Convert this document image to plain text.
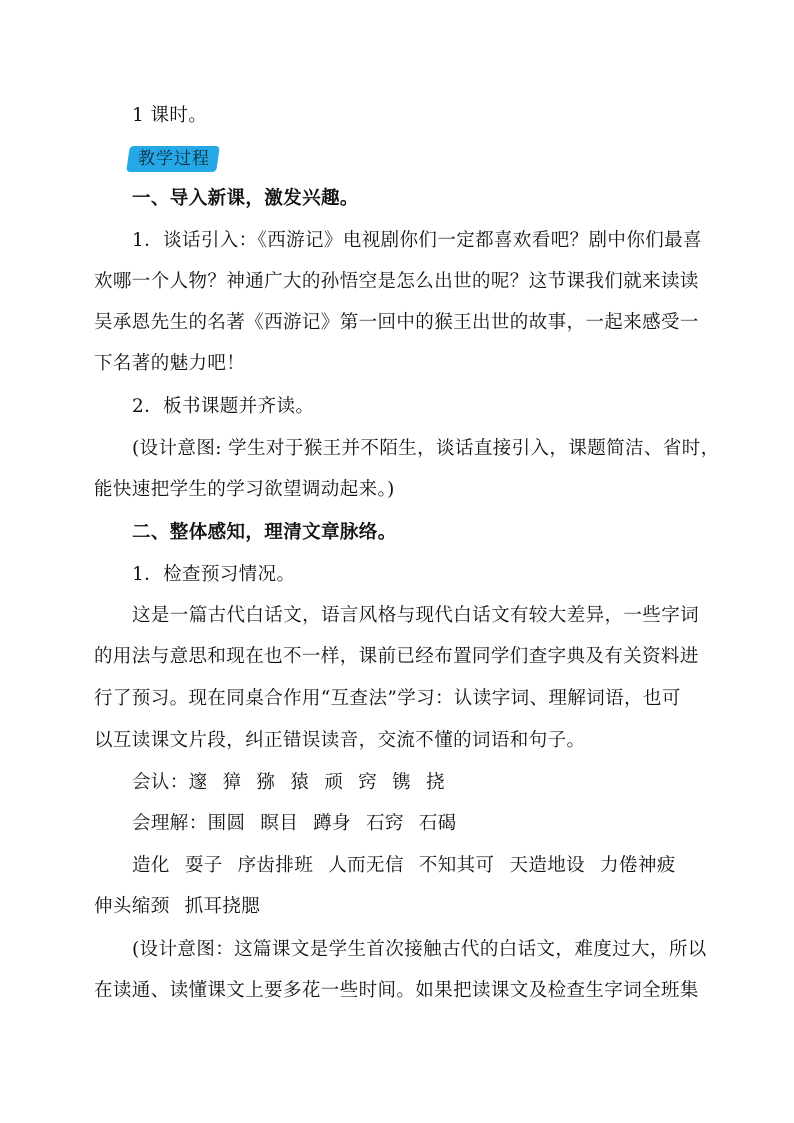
1 课时。
教学过程
一、导入新课，激发兴趣。
1．谈话引入：《西游记》电视剧你们一定都喜欢看吧？剧中你们最喜
欢哪一个人物？神通广大的孙悟空是怎么出世的呢？这节课我们就来读读
吴承恩先生的名著《西游记》第一回中的猴王出世的故事，一起来感受一
下名著的魅力吧！
2．板书课题并齐读。
(设计意图: 学生对于猴王并不陌生，谈话直接引入，课题简洁、省时，
能快速把学生的学习欲望调动起来。)
二、整体感知，理清文章脉络。
1．检查预习情况。
这是一篇古代白话文，语言风格与现代白话文有较大差异，一些字词
的用法与意思和现在也不一样，课前已经布置同学们查字典及有关资料进
行了预习。现在同桌合作用“互查法”学习：认读字词、理解词语，也可
以互读课文片段，纠正错误读音，交流不懂的词语和句子。
会认：邃 獐 猕 猿 顽 窍 镌 挠
会理解：围圆 瞑目 蹲身 石窍 石碣
造化 耍子 序齿排班 人而无信 不知其可 天造地设 力倦神疲
伸头缩颈 抓耳挠腮
(设计意图：这篇课文是学生首次接触古代的白话文，难度过大，所以
在读通、读懂课文上要多花一些时间。如果把读课文及检查生字词全班集
